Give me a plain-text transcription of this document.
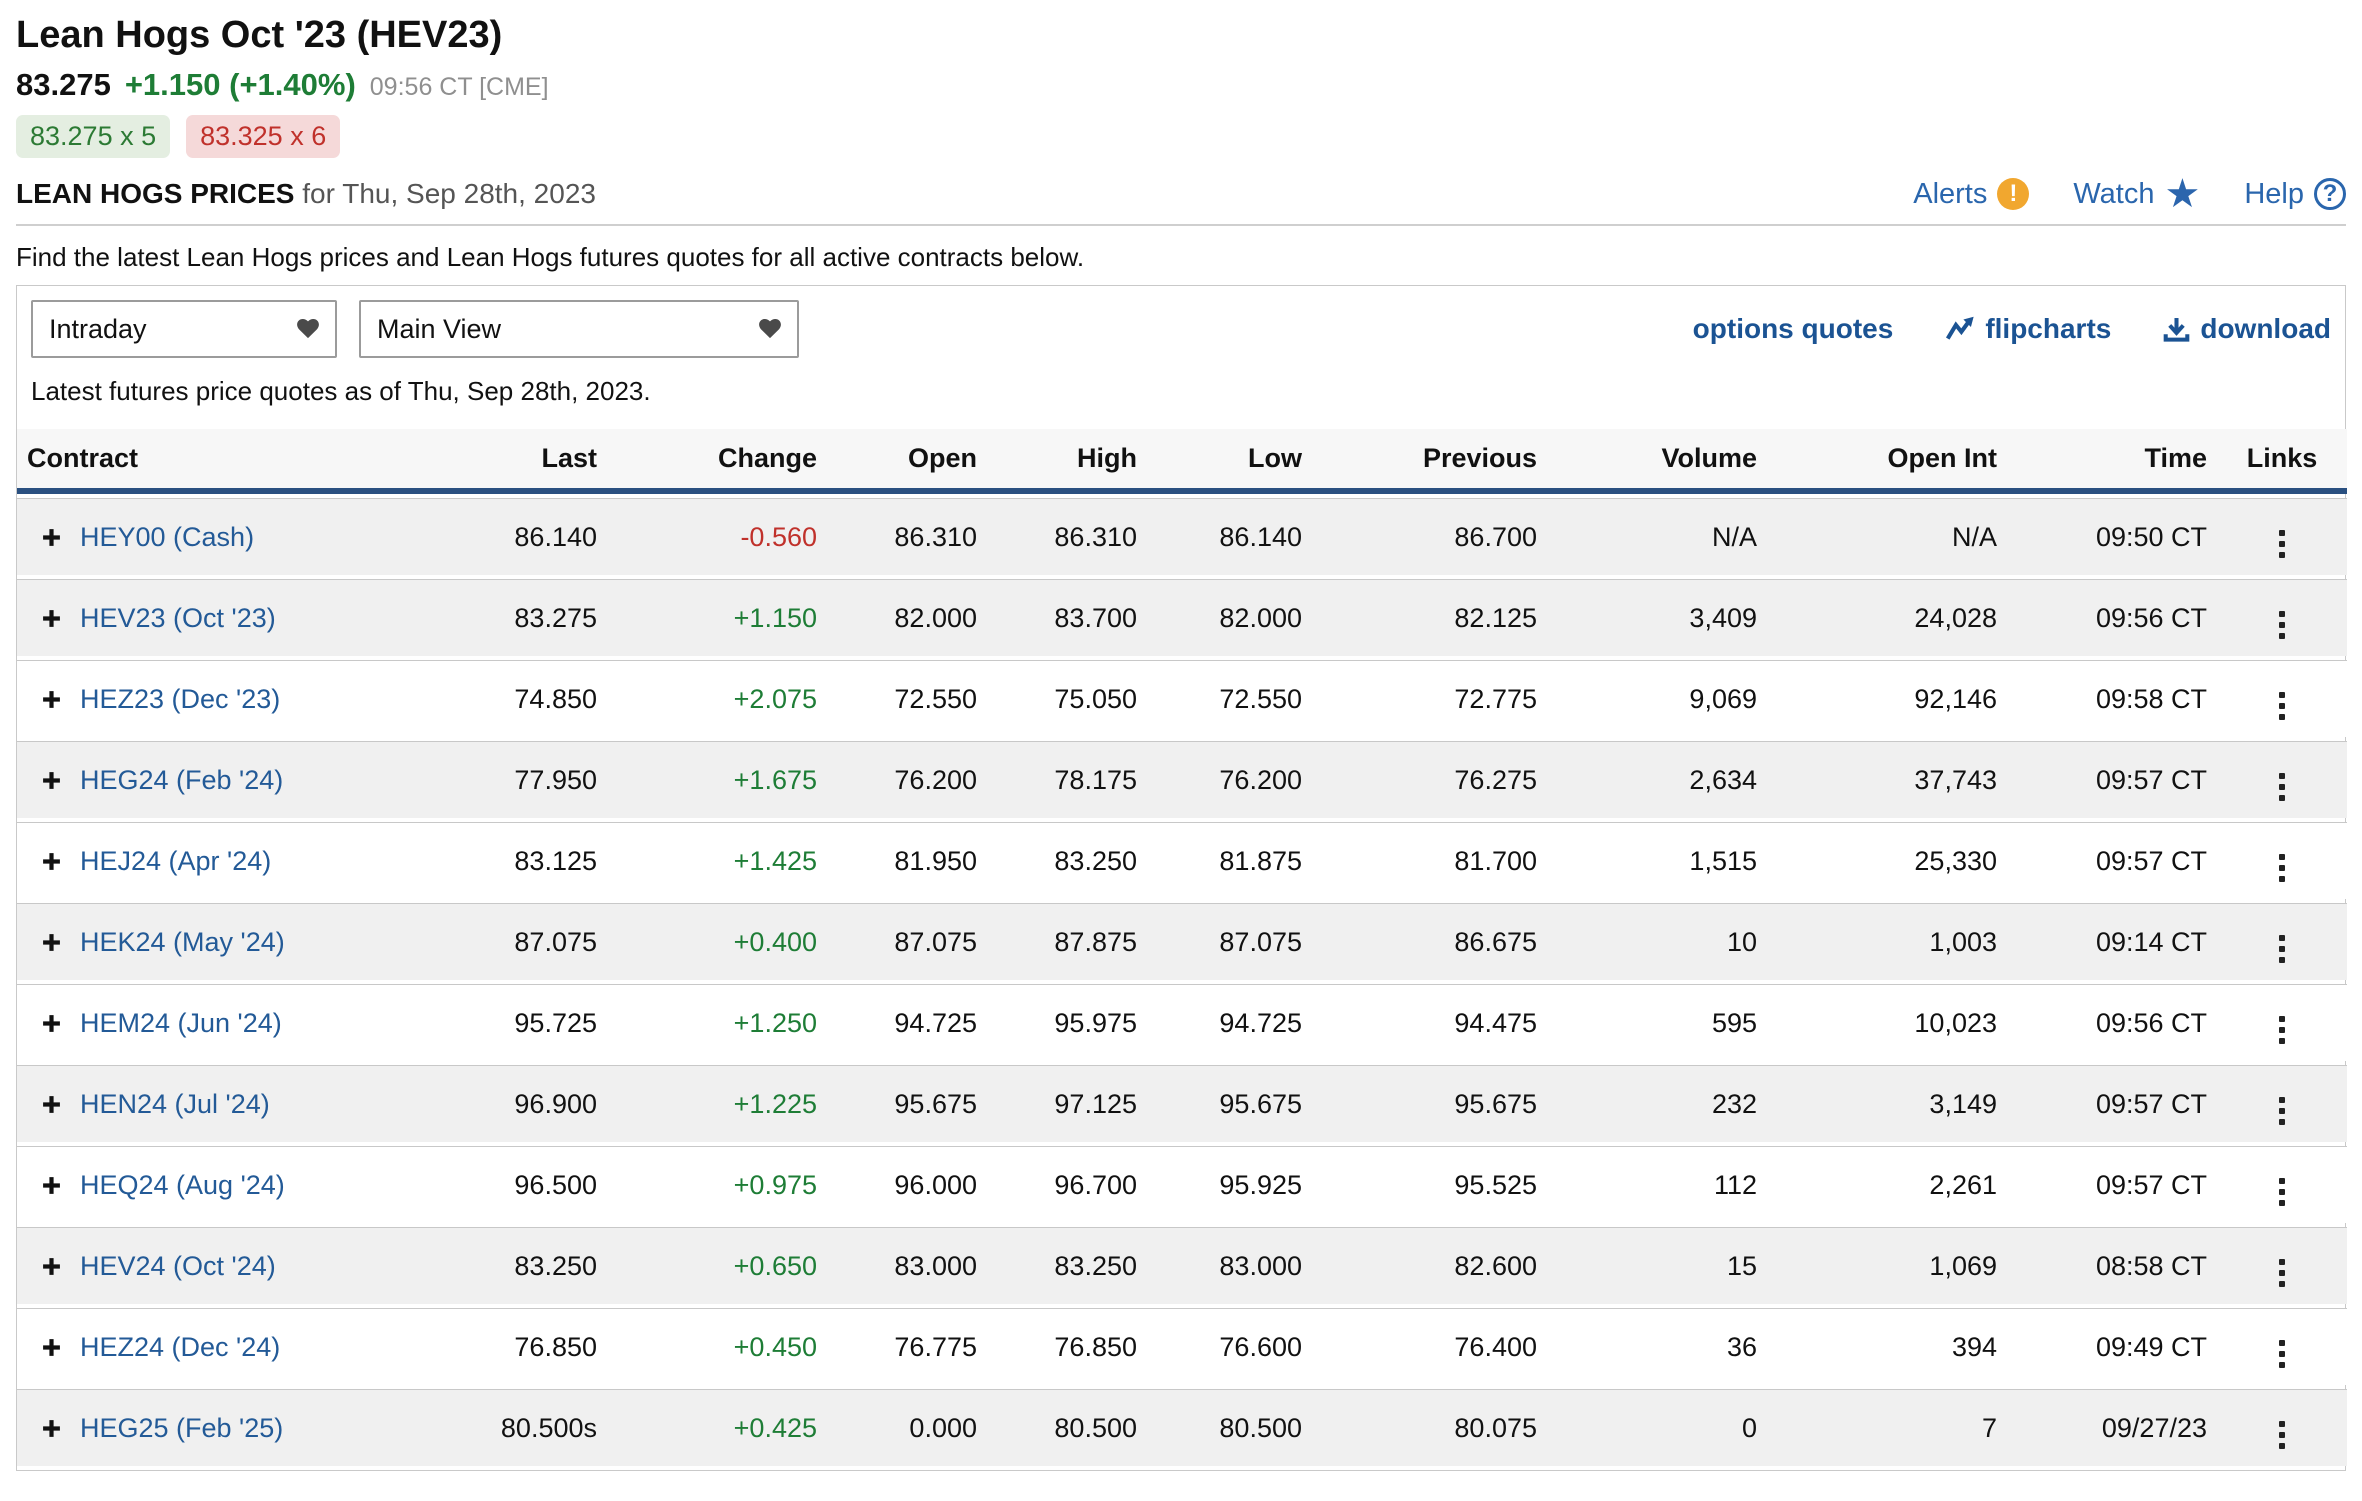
Lean Hogs Oct '23 (HEV23)
83.275 +1.150 (+1.40%) 09:56 CT [CME]
83.275 x 5	83.325 x 6
LEAN HOGS PRICES for Thu, Sep 28th, 2023	Alerts !	Watch ★ Help ?

Find the latest Lean Hogs prices and Lean Hogs futures quotes for all active contracts below.

Intraday	Main View	options quotes	flipcharts	download

Latest futures price quotes as of Thu, Sep 28th, 2023.

Contract	Last	Change	Open	High	Low	Previous	Volume	Open Int	Time	Links

HEY00 (Cash)	86.140	-0.560	86.310	86.310	86.140	86.700	N/A	N/A	09:50 CT	

HEV23 (Oct '23)	83.275	+1.150	82.000	83.700	82.000	82.125	3,409	24,028	09:56 CT	

HEZ23 (Dec '23)	74.850	+2.075	72.550	75.050	72.550	72.775	9,069	92,146	09:58 CT	

HEG24 (Feb '24)	77.950	+1.675	76.200	78.175	76.200	76.275	2,634	37,743	09:57 CT	

HEJ24 (Apr '24)	83.125	+1.425	81.950	83.250	81.875	81.700	1,515	25,330	09:57 CT	

HEK24 (May '24)	87.075	+0.400	87.075	87.875	87.075	86.675	10	1,003	09:14 CT	

HEM24 (Jun '24)	95.725	+1.250	94.725	95.975	94.725	94.475	595	10,023	09:56 CT	

HEN24 (Jul '24)	96.900	+1.225	95.675	97.125	95.675	95.675	232	3,149	09:57 CT	

HEQ24 (Aug '24)	96.500	+0.975	96.000	96.700	95.925	95.525	112	2,261	09:57 CT	

HEV24 (Oct '24)	83.250	+0.650	83.000	83.250	83.000	82.600	15	1,069	08:58 CT	

HEZ24 (Dec '24)	76.850	+0.450	76.775	76.850	76.600	76.400	36	394	09:49 CT	

HEG25 (Feb '25)	80.500s	+0.425	0.000	80.500	80.500	80.075	0	7	09/27/23	
